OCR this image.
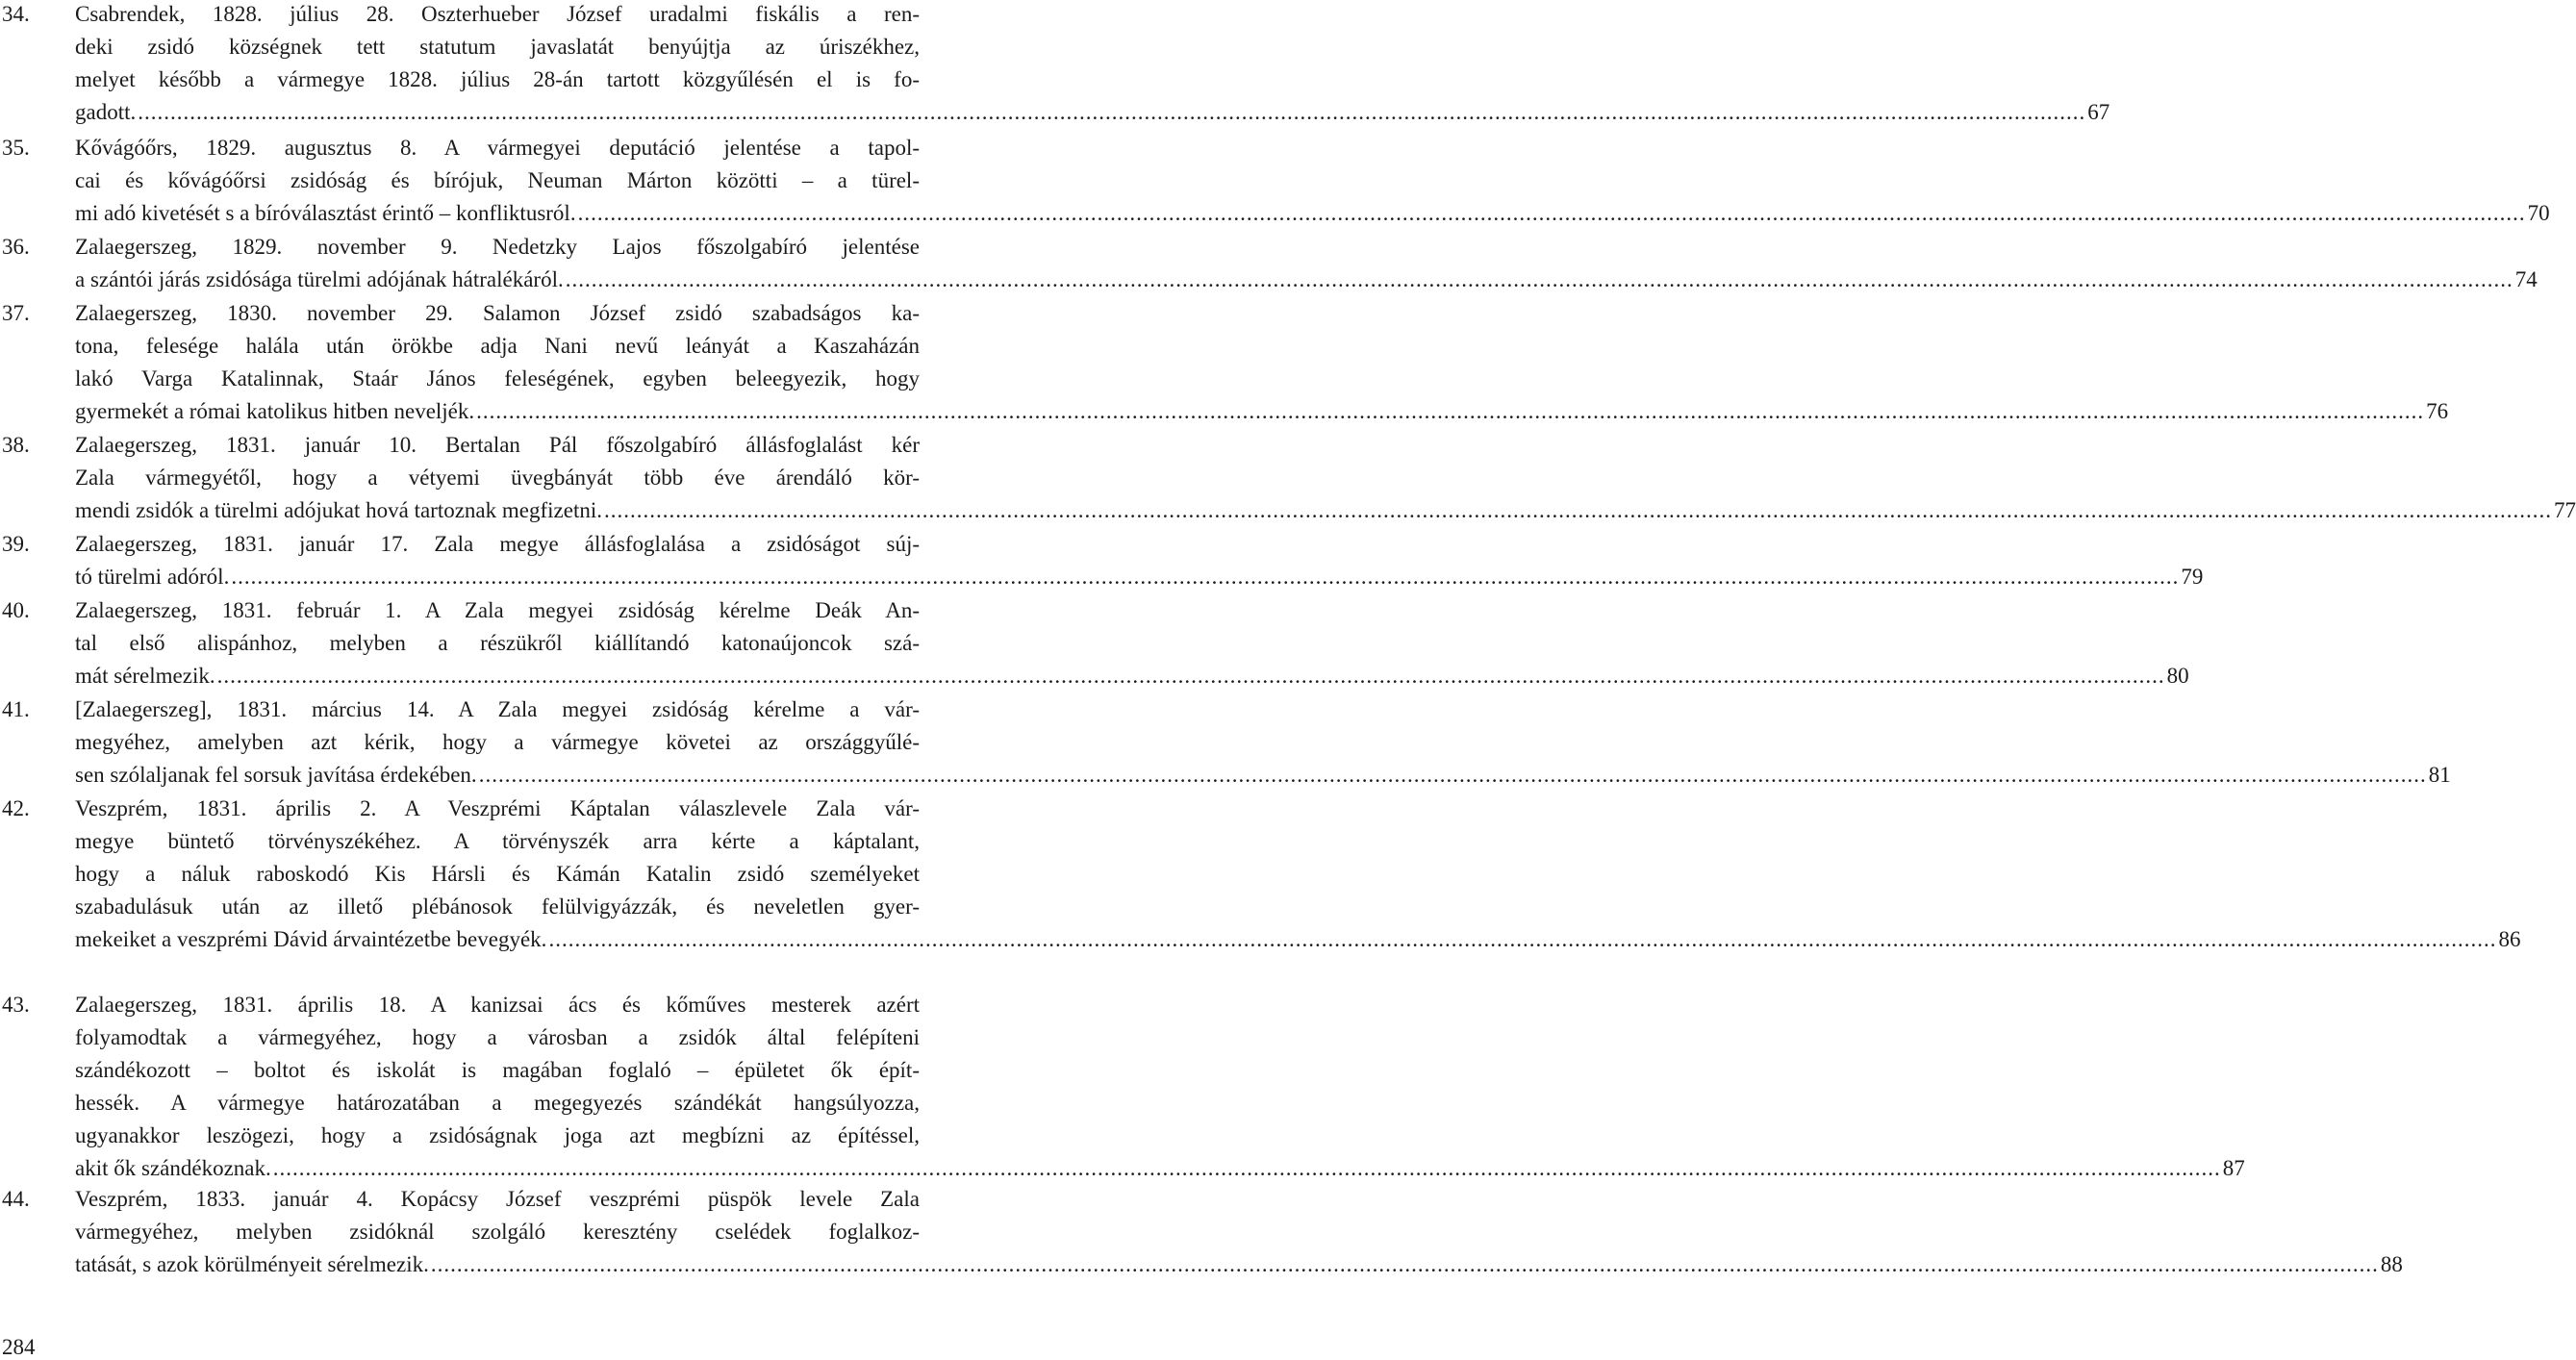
34. Csabrendek, 1828. július 28. Oszterhueber József uradalmi fiskális a ren-
deki zsidó községnek tett statutum javaslatát benyújtja az úriszékhez,
melyet később a vármegye 1828. július 28-án tartott közgyűlésén el is fo-
gadott. ............................................................................................................................................................................................................................................................................................................ 67
35. Kővágóőrs, 1829. augusztus 8. A vármegyei deputáció jelentése a tapol-
cai és kővágóőrsi zsidóság és bírójuk, Neuman Márton közötti – a türel-
mi adó kivetését s a bíróválasztást érintő – konfliktusról. ............................................................................................................................................................................................................................................................................................................ 70
36. Zalaegerszeg, 1829. november 9. Nedetzky Lajos főszolgabíró jelentése
a szántói járás zsidósága türelmi adójának hátralékáról. ............................................................................................................................................................................................................................................................................................................ 74
37. Zalaegerszeg, 1830. november 29. Salamon József zsidó szabadságos ka-
tona, felesége halála után örökbe adja Nani nevű leányát a Kaszaházán
lakó Varga Katalinnak, Staár János feleségének, egyben beleegyezik, hogy
gyermekét a római katolikus hitben neveljék. ............................................................................................................................................................................................................................................................................................................ 76
38. Zalaegerszeg, 1831. január 10. Bertalan Pál főszolgabíró állásfoglalást kér
Zala vármegyétől, hogy a vétyemi üvegbányát több éve árendáló kör-
mendi zsidók a türelmi adójukat hová tartoznak megfizetni. ............................................................................................................................................................................................................................................................................................................ 77
39. Zalaegerszeg, 1831. január 17. Zala megye állásfoglalása a zsidóságot súj-
tó türelmi adóról. ............................................................................................................................................................................................................................................................................................................ 79
40. Zalaegerszeg, 1831. február 1. A Zala megyei zsidóság kérelme Deák An-
tal első alispánhoz, melyben a részükről kiállítandó katonaújoncok szá-
mát sérelmezik. ............................................................................................................................................................................................................................................................................................................ 80
41. [Zalaegerszeg], 1831. március 14. A Zala megyei zsidóság kérelme a vár-
megyéhez, amelyben azt kérik, hogy a vármegye követei az országgyűlé-
sen szólaljanak fel sorsuk javítása érdekében. ............................................................................................................................................................................................................................................................................................................ 81
42. Veszprém, 1831. április 2. A Veszprémi Káptalan válaszlevele Zala vár-
megye büntető törvényszékéhez. A törvényszék arra kérte a káptalant,
hogy a náluk raboskodó Kis Hársli és Kámán Katalin zsidó személyeket
szabadulásuk után az illető plébánosok felülvigyázzák, és neveletlen gyer-
mekeiket a veszprémi Dávid árvaintézetbe bevegyék. ............................................................................................................................................................................................................................................................................................................ 86
43. Zalaegerszeg, 1831. április 18. A kanizsai ács és kőműves mesterek azért
folyamodtak a vármegyéhez, hogy a városban a zsidók által felépíteni
szándékozott – boltot és iskolát is magában foglaló – épületet ők épít-
hessék. A vármegye határozatában a megegyezés szándékát hangsúlyozza,
ugyanakkor leszögezi, hogy a zsidóságnak joga azt megbízni az építéssel,
akit ők szándékoznak. ............................................................................................................................................................................................................................................................................................................ 87
44. Veszprém, 1833. január 4. Kopácsy József veszprémi püspök levele Zala
vármegyéhez, melyben zsidóknál szolgáló keresztény cselédek foglalkoz-
tatását, s azok körülményeit sérelmezik. ............................................................................................................................................................................................................................................................................................................ 88
284
